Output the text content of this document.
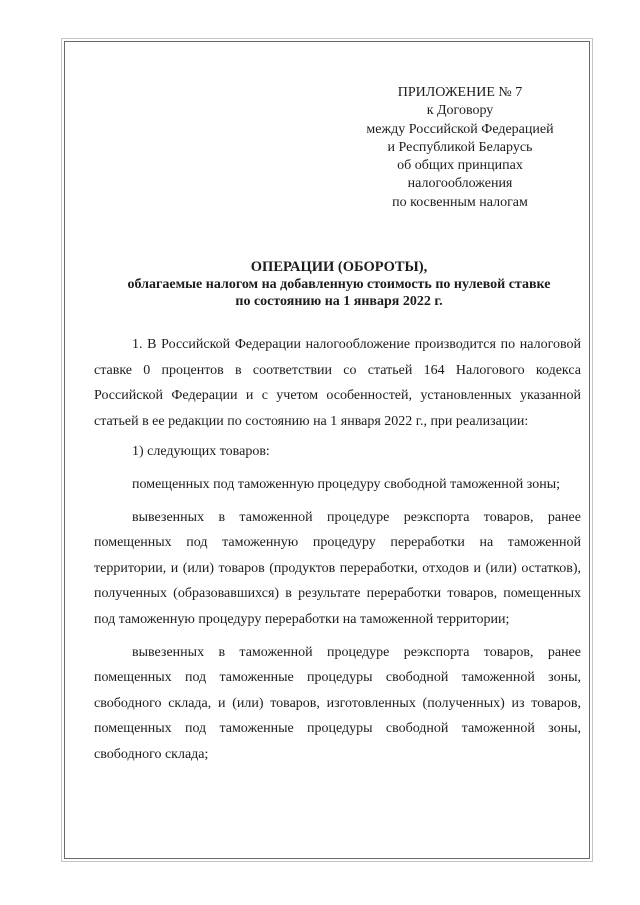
ПРИЛОЖЕНИЕ № 7
к Договору
между Российской Федерацией
и Республикой Беларусь
об общих принципах
налогообложения
по косвенным налогам
ОПЕРАЦИИ (ОБОРОТЫ),
облагаемые налогом на добавленную стоимость по нулевой ставке
по состоянию на 1 января 2022 г.

1. В Российской Федерации налогообложение производится по налоговой ставке 0 процентов в соответствии со статьей 164 Налогового кодекса Российской Федерации и с учетом особенностей, установленных указанной статьей в ее редакции по состоянию на 1 января 2022 г., при реализации:

1) следующих товаров:

помещенных под таможенную процедуру свободной таможенной зоны;

вывезенных в таможенной процедуре реэкспорта товаров, ранее помещенных под таможенную процедуру переработки на таможенной территории, и (или) товаров (продуктов переработки, отходов и (или) остатков), полученных (образовавшихся) в результате переработки товаров, помещенных под таможенную процедуру переработки на таможенной территории;

вывезенных в таможенной процедуре реэкспорта товаров, ранее помещенных под таможенные процедуры свободной таможенной зоны, свободного склада, и (или) товаров, изготовленных (полученных) из товаров, помещенных под таможенные процедуры свободной таможенной зоны, свободного склада;
